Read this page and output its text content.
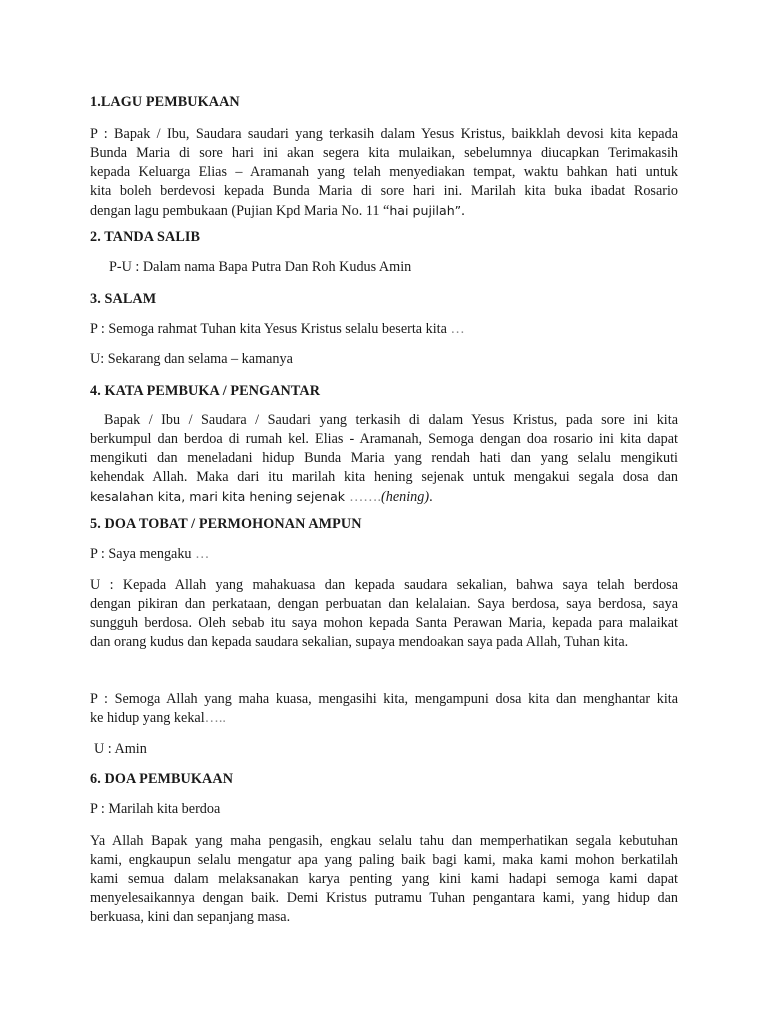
1.LAGU PEMBUKAAN
P : Bapak / Ibu, Saudara saudari yang terkasih dalam Yesus Kristus, baikklah devosi kita kepada
Bunda Maria di sore hari ini akan segera kita mulaikan, sebelumnya diucapkan Terimakasih
kepada Keluarga Elias – Aramanah yang telah menyediakan tempat, waktu bahkan hati untuk
kita boleh berdevosi kepada Bunda Maria di sore hari ini. Marilah kita buka ibadat Rosario
dengan lagu pembukaan (Pujian Kpd Maria No. 11 “hai pujilah”.
2. TANDA SALIB
P-U : Dalam nama Bapa Putra Dan Roh Kudus Amin
3. SALAM
P : Semoga rahmat Tuhan kita Yesus Kristus selalu beserta kita …
U: Sekarang dan selama – kamanya
4. KATA PEMBUKA / PENGANTAR
Bapak / Ibu / Saudara / Saudari yang terkasih di dalam Yesus Kristus, pada sore ini kita
berkumpul dan berdoa di rumah kel. Elias - Aramanah, Semoga dengan doa rosario ini kita dapat
mengikuti dan meneladani hidup Bunda Maria yang rendah hati dan yang selalu mengikuti
kehendak Allah. Maka dari itu marilah kita hening sejenak untuk mengakui segala dosa dan
kesalahan kita, mari kita hening sejenak …….(hening).
5. DOA TOBAT / PERMOHONAN AMPUN
P : Saya mengaku …
U : Kepada Allah yang mahakuasa dan kepada saudara sekalian, bahwa saya telah berdosa
dengan pikiran dan perkataan, dengan perbuatan dan kelalaian. Saya berdosa, saya berdosa, saya
sungguh berdosa. Oleh sebab itu saya mohon kepada Santa Perawan Maria, kepada para malaikat
dan orang kudus dan kepada saudara sekalian, supaya mendoakan saya pada Allah, Tuhan kita.
P : Semoga Allah yang maha kuasa, mengasihi kita, mengampuni dosa kita dan menghantar kita
ke hidup yang kekal…..
U : Amin
6. DOA PEMBUKAAN
P : Marilah kita berdoa
Ya Allah Bapak yang maha pengasih, engkau selalu tahu dan memperhatikan segala kebutuhan
kami, engkaupun selalu mengatur apa yang paling baik bagi kami, maka kami mohon berkatilah
kami semua dalam melaksanakan karya penting yang kini kami hadapi semoga kami dapat
menyelesaikannya dengan baik. Demi Kristus putramu Tuhan pengantara kami, yang hidup dan
berkuasa, kini dan sepanjang masa.
